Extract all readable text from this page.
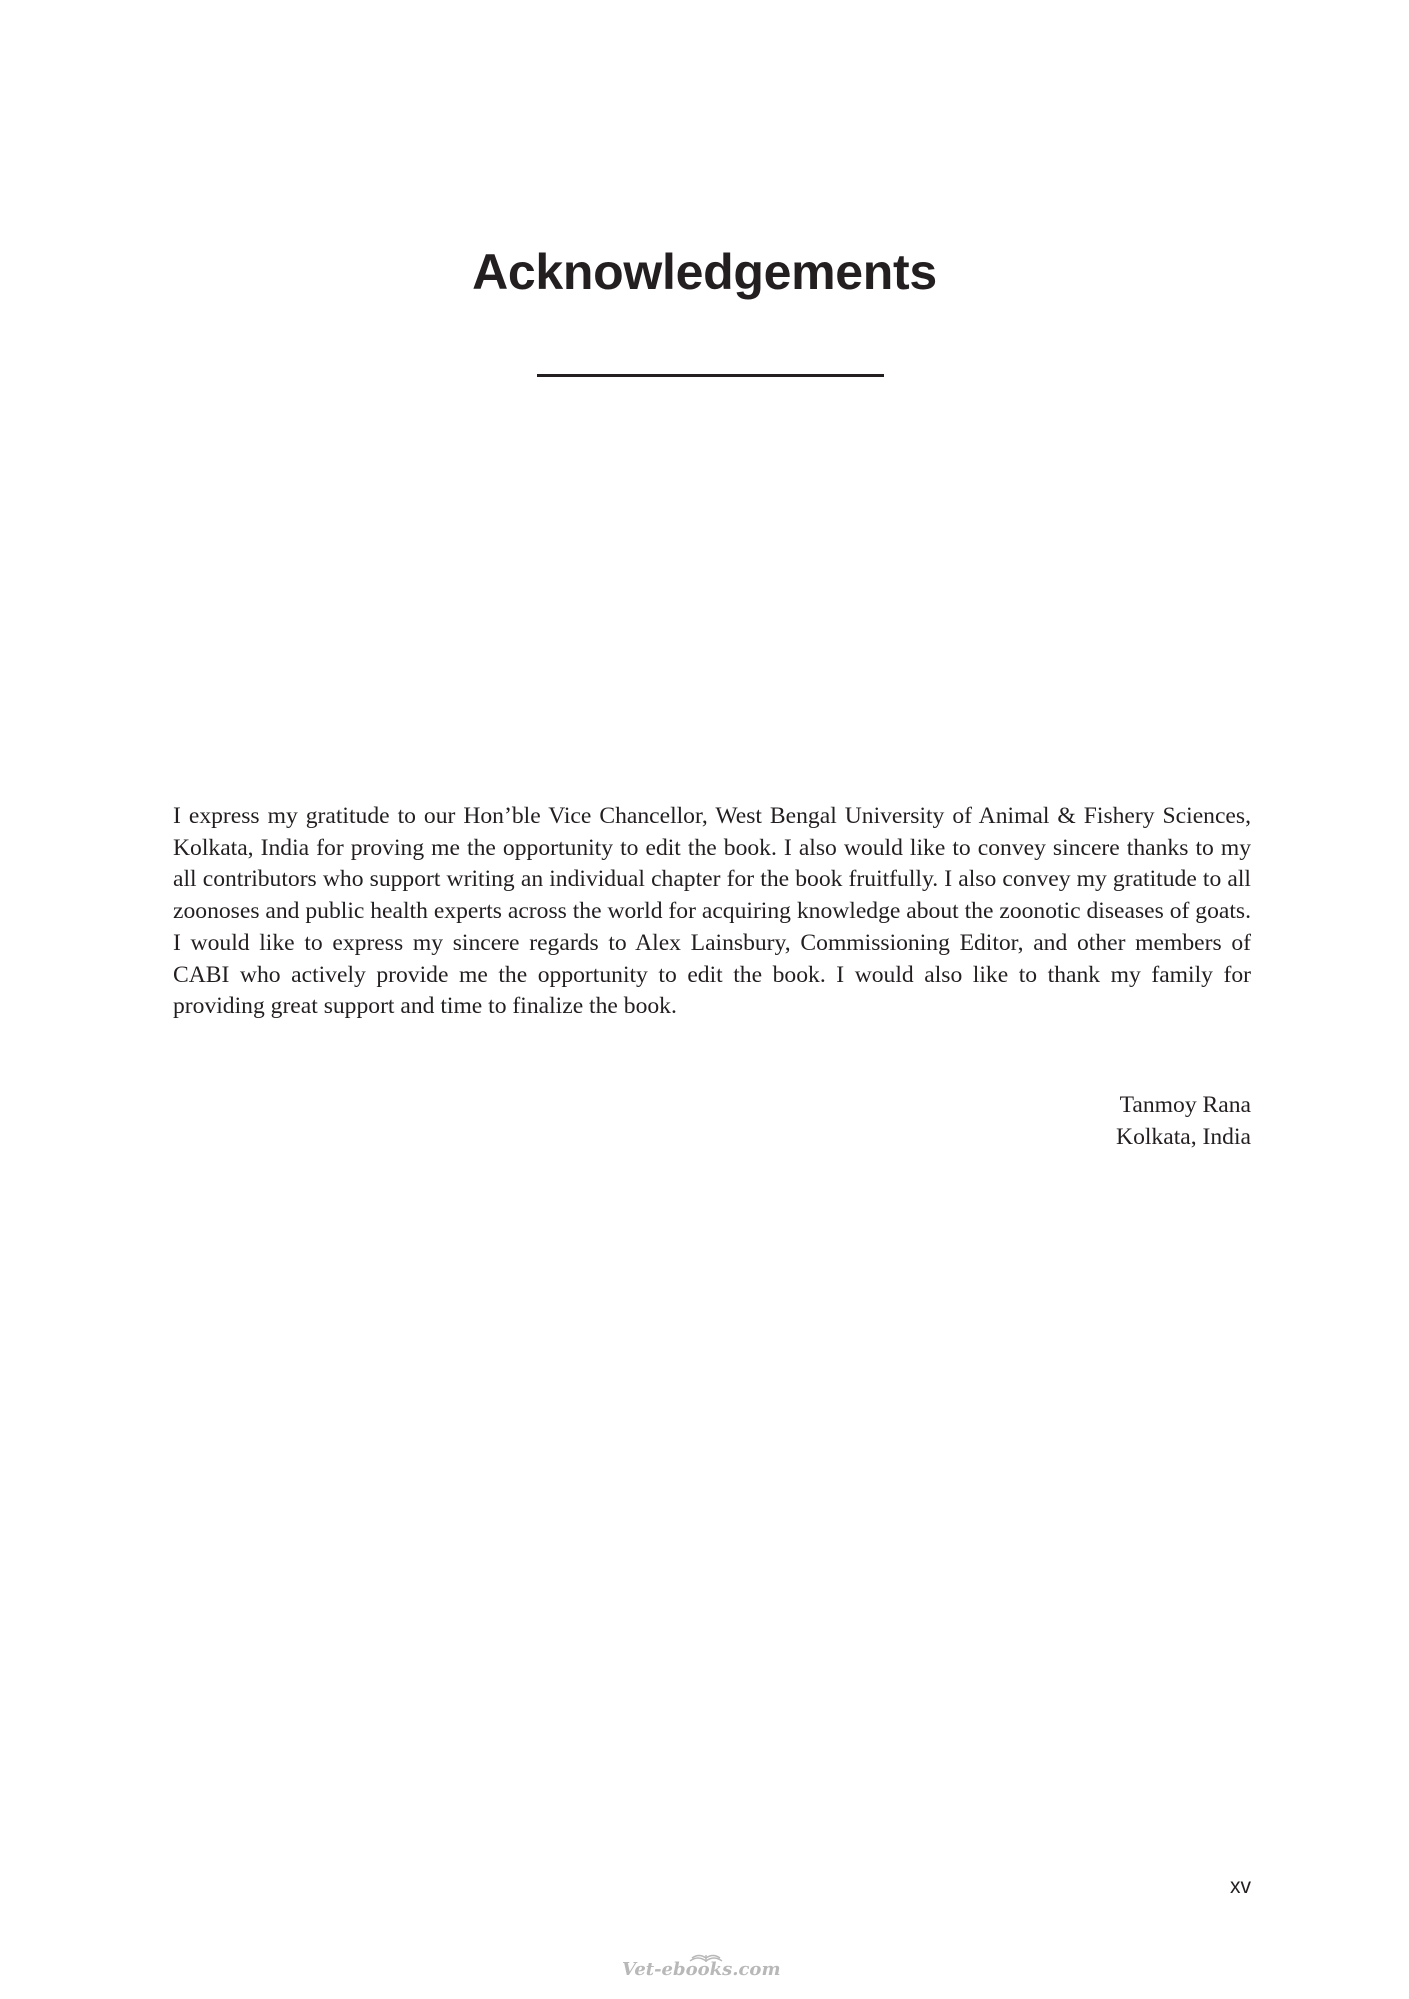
Acknowledgements

I express my gratitude to our Hon’ble Vice Chancellor, West Bengal University of Animal & Fishery Sciences, Kolkata, India for proving me the opportunity to edit the book. I also would like to convey sincere thanks to my all contributors who support writing an individual chapter for the book fruitfully. I also convey my gratitude to all zoonoses and public health experts across the world for acquiring knowledge about the zoonotic diseases of goats. I would like to express my sincere regards to Alex Lainsbury, Commissioning Editor, and other members of CABI who actively provide me the opportunity to edit the book. I would also like to thank my family for providing great support and time to finalize the book.

Tanmoy Rana
Kolkata, India
xv
Vet-ebooks.com
